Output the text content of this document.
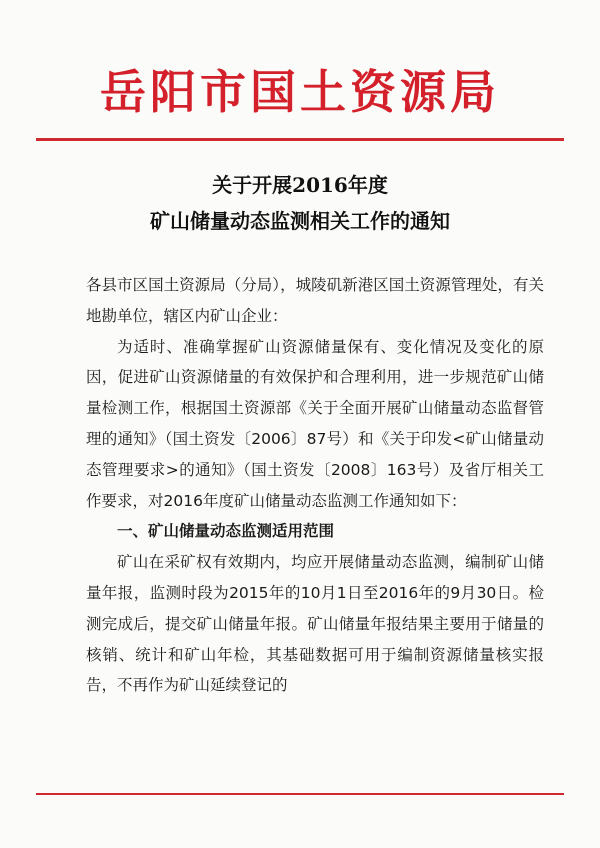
岳阳市国土资源局
关于开展2016年度
矿山储量动态监测相关工作的通知

各县市区国土资源局（分局），城陵矶新港区国土资源管理处，有关地勘单位，辖区内矿山企业：

为适时、准确掌握矿山资源储量保有、变化情况及变化的原因，促进矿山资源储量的有效保护和合理利用，进一步规范矿山储量检测工作，根据国土资源部《关于全面开展矿山储量动态监督管理的通知》（国土资发〔2006〕87号）和《关于印发<矿山储量动态管理要求>的通知》（国土资发〔2008〕163号）及省厅相关工作要求，对2016年度矿山储量动态监测工作通知如下：

一、矿山储量动态监测适用范围

矿山在采矿权有效期内，均应开展储量动态监测，编制矿山储量年报，监测时段为2015年的10月1日至2016年的9月30日。检测完成后，提交矿山储量年报。矿山储量年报结果主要用于储量的核销、统计和矿山年检，其基础数据可用于编制资源储量核实报告，不再作为矿山延续登记的
